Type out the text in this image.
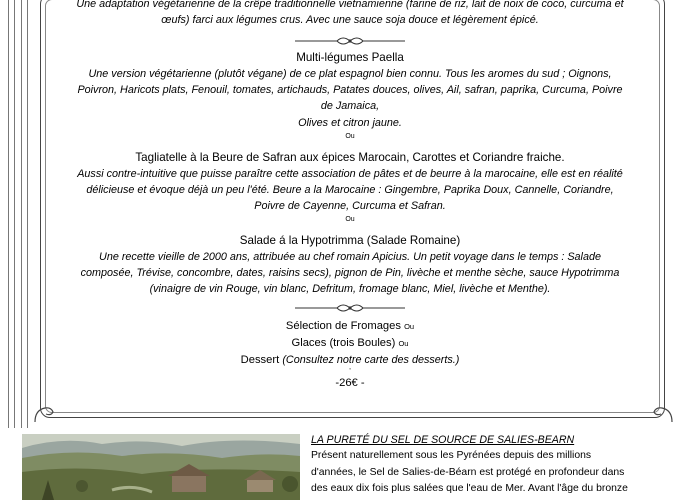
Une adaptation végétarienne de la crêpe traditionnelle vietnamienne (farine de riz, lait de noix de coco, curcuma et
œufs) farci aux légumes crus. Avec une sauce soja douce et légèrement épicé.
Multi-légumes Paella
Une version végétarienne (plutôt végane) de ce plat espagnol bien connu. Tous les aromes du sud ; Oignons,
Poivron, Haricots plats, Fenouil, tomates, artichauds, Patates douces, olives, Ail, safran, paprika, Curcuma, Poivre
de Jamaica,
Olives et citron jaune.
Ou
Tagliatelle à la Beure de Safran aux épices Marocain, Carottes et Coriandre fraiche.
Aussi contre-intuitive que puisse paraître cette association de pâtes et de beurre à la marocaine, elle est en réalité
délicieuse et évoque déjà un peu l'été. Beure a la Marocaine : Gingembre, Paprika Doux, Cannelle, Coriandre,
Poivre de Cayenne, Curcuma et Safran.
Ou
Salade á la Hypotrimma (Salade Romaine)
Une recette vieille de 2000 ans, attribuée au chef romain Apicius. Un petit voyage dans le temps : Salade
composée, Trévise, concombre, dates, raisins secs), pignon de Pin, livèche et menthe sèche, sauce Hypotrimma
(vinaigre de vin Rouge, vin blanc, Defritum, fromage blanc, Miel, livèche et Menthe).
Sélection de Fromages Ou
Glaces (trois Boules) Ou
Dessert (Consultez notre carte des desserts.)
'
-26€ -
LA PURETÉ DU SEL DE SOURCE DE SALIES-BEARN
Présent naturellement sous les Pyrénées depuis des millions
d'années, le Sel de Salies-de-Béarn est protégé en profondeur dans
des eaux dix fois plus salées que l'eau de Mer. Avant l'âge du bronze
